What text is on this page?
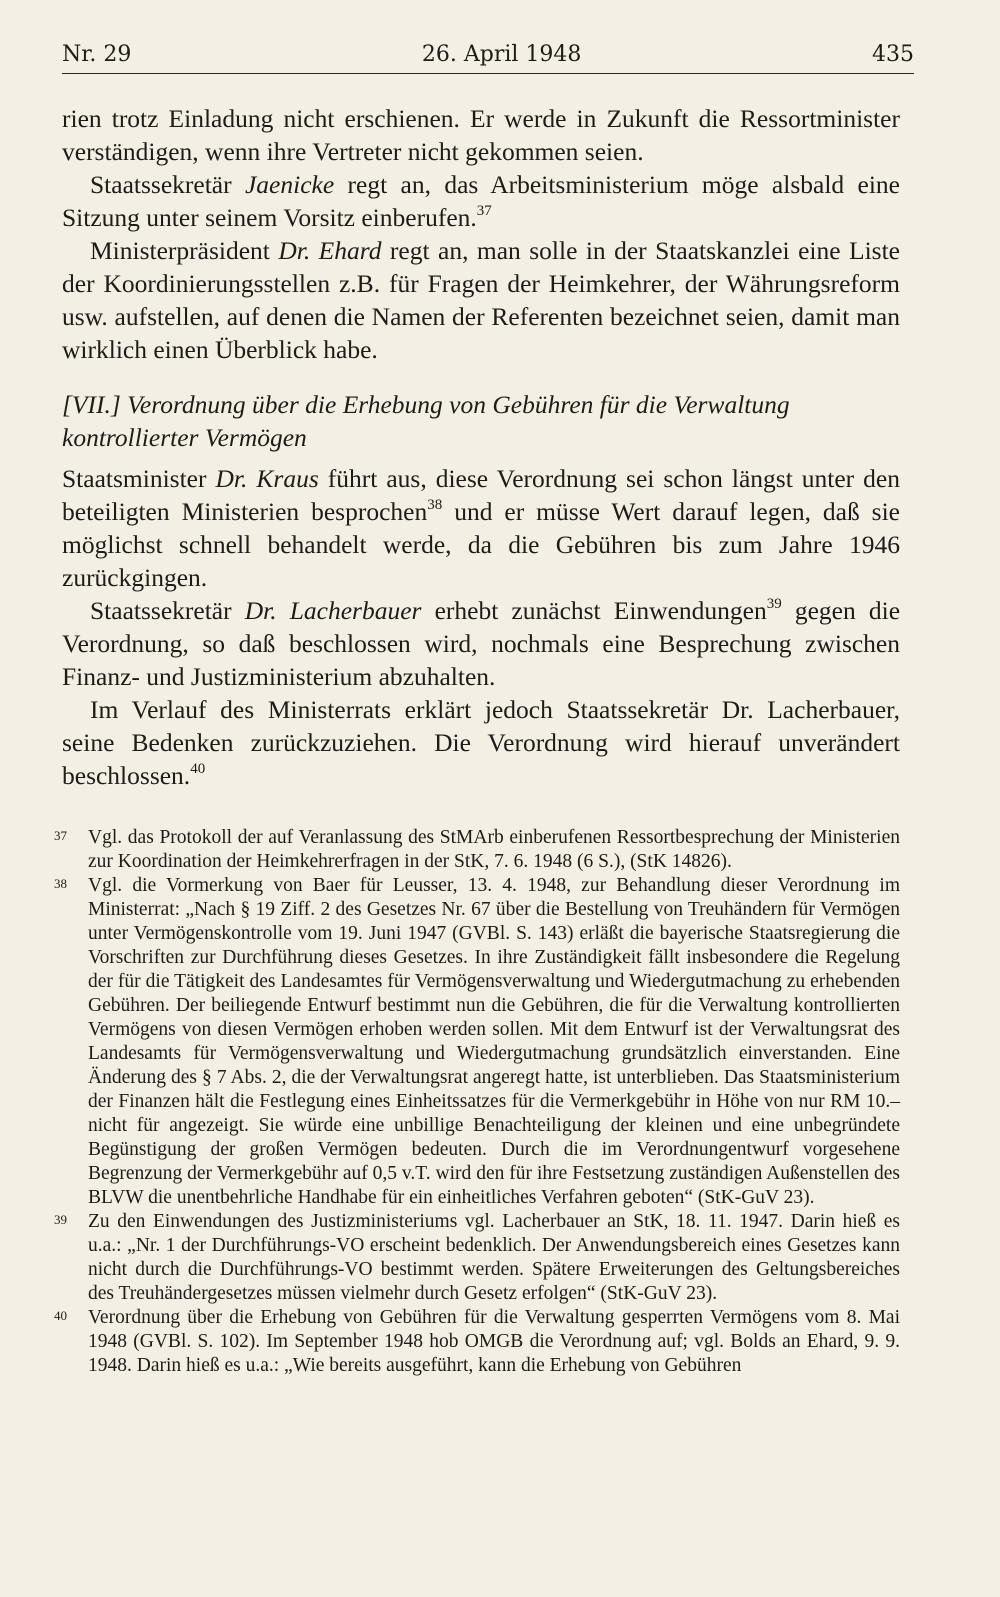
Nr. 29	26. April 1948	435

rien trotz Einladung nicht erschienen. Er werde in Zukunft die Ressortminister verständigen, wenn ihre Vertreter nicht gekommen seien.

Staatssekretär Jaenicke regt an, das Arbeitsministerium möge alsbald eine Sitzung unter seinem Vorsitz einberufen.$^{37}$

Ministerpräsident Dr. Ehard regt an, man solle in der Staatskanzlei eine Liste der Koordinierungsstellen z.B. für Fragen der Heimkehrer, der Währungsreform usw. aufstellen, auf denen die Namen der Referenten bezeichnet seien, damit man wirklich einen Überblick habe.

[VII.] Verordnung über die Erhebung von Gebühren für die Verwaltung kontrollierter Vermögen

Staatsminister Dr. Kraus führt aus, diese Verordnung sei schon längst unter den beteiligten Ministerien besprochen$^{38}$ und er müsse Wert darauf legen, daß sie möglichst schnell behandelt werde, da die Gebühren bis zum Jahre 1946 zurückgingen.

Staatssekretär Dr. Lacherbauer erhebt zunächst Einwendungen$^{39}$ gegen die Verordnung, so daß beschlossen wird, nochmals eine Besprechung zwischen Finanz- und Justizministerium abzuhalten.

Im Verlauf des Ministerrats erklärt jedoch Staatssekretär Dr. Lacherbauer, seine Bedenken zurückzuziehen. Die Verordnung wird hierauf unverändert beschlossen.$^{40}$

37 Vgl. das Protokoll der auf Veranlassung des StMArb einberufenen Ressortbesprechung der Ministerien zur Koordination der Heimkehrerfragen in der StK, 7. 6. 1948 (6 S.), (StK 14826).
38 Vgl. die Vormerkung von Baer für Leusser, 13. 4. 1948, zur Behandlung dieser Verordnung im Ministerrat: „Nach § 19 Ziff. 2 des Gesetzes Nr. 67 über die Bestellung von Treuhändern für Vermögen unter Vermögenskontrolle vom 19. Juni 1947 (GVBl. S. 143) erläßt die bayerische Staatsregierung die Vorschriften zur Durchführung dieses Gesetzes. In ihre Zuständigkeit fällt insbesondere die Regelung der für die Tätigkeit des Landesamtes für Vermögensverwaltung und Wiedergutmachung zu erhebenden Gebühren. Der beiliegende Entwurf bestimmt nun die Gebühren, die für die Verwaltung kontrollierten Vermögens von diesen Vermögen erhoben werden sollen. Mit dem Entwurf ist der Verwaltungsrat des Landesamts für Vermögensverwaltung und Wiedergutmachung grundsätzlich einverstanden. Eine Änderung des § 7 Abs. 2, die der Verwaltungsrat angeregt hatte, ist unterblieben. Das Staatsministerium der Finanzen hält die Festlegung eines Einheitssatzes für die Vermerkgebühr in Höhe von nur RM 10.– nicht für angezeigt. Sie würde eine unbillige Benachteiligung der kleinen und eine unbegründete Begünstigung der großen Vermögen bedeuten. Durch die im Verordnungentwurf vorgesehene Begrenzung der Vermerkgebühr auf 0,5 v.T. wird den für ihre Festsetzung zuständigen Außenstellen des BLVW die unentbehrliche Handhabe für ein einheitliches Verfahren geboten“ (StK-GuV 23).
39 Zu den Einwendungen des Justizministeriums vgl. Lacherbauer an StK, 18. 11. 1947. Darin hieß es u.a.: „Nr. 1 der Durchführungs-VO erscheint bedenklich. Der Anwendungsbereich eines Gesetzes kann nicht durch die Durchführungs-VO bestimmt werden. Spätere Erweiterungen des Geltungsbereiches des Treuhändergesetzes müssen vielmehr durch Gesetz erfolgen“ (StK-GuV 23).
40 Verordnung über die Erhebung von Gebühren für die Verwaltung gesperrten Vermögens vom 8. Mai 1948 (GVBl. S. 102). Im September 1948 hob OMGB die Verordnung auf; vgl. Bolds an Ehard, 9. 9. 1948. Darin hieß es u.a.: „Wie bereits ausgeführt, kann die Erhebung von Gebühren
